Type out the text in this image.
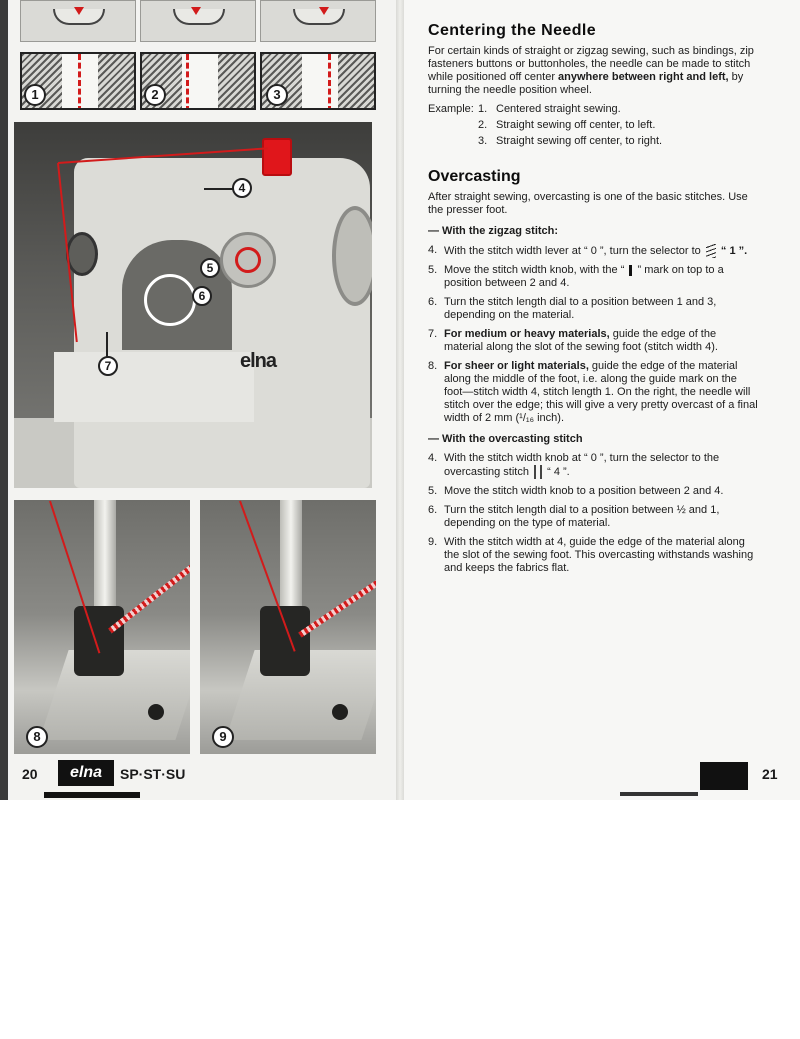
1	2	3
elna
4
5
6
7
8	9
20	elna	SP·ST·SU	21
Centering the Needle

For certain kinds of straight or zigzag sewing, such as bindings, zip fasteners buttons or buttonholes, the needle can be made to stitch while positioned off center anywhere between right and left, by turning the needle position wheel.

Example: 1. Centered straight sewing.
2. Straight sewing off center, to left.
3. Straight sewing off center, to right.
Overcasting

After straight sewing, overcasting is one of the basic stitches. Use the presser foot.

— With the zigzag stitch:
4. With the stitch width lever at “ 0 ”, turn the selector to  “ 1 ”.
5. Move the stitch width knob, with the “  ” mark on top to a position between 2 and 4.
6. Turn the stitch length dial to a position between 1 and 3, depending on the material.
7. For medium or heavy materials, guide the edge of the material along the slot of the sewing foot (stitch width 4).
8. For sheer or light materials, guide the edge of the material along the middle of the foot, i.e. along the guide mark on the foot—stitch width 4, stitch length 1. On the right, the needle will stitch over the edge; this will give a very pretty overcast of a final width of 2 mm (¹/₁₆ inch).
— With the overcasting stitch
4. With the stitch width knob at “ 0 ”, turn the selector to the overcasting stitch  “ 4 ”.
5. Move the stitch width knob to a position between 2 and 4.
6. Turn the stitch length dial to a position between ½ and 1, depending on the type of material.
9. With the stitch width at 4, guide the edge of the material along the slot of the sewing foot. This overcasting withstands washing and keeps the fabrics flat.
